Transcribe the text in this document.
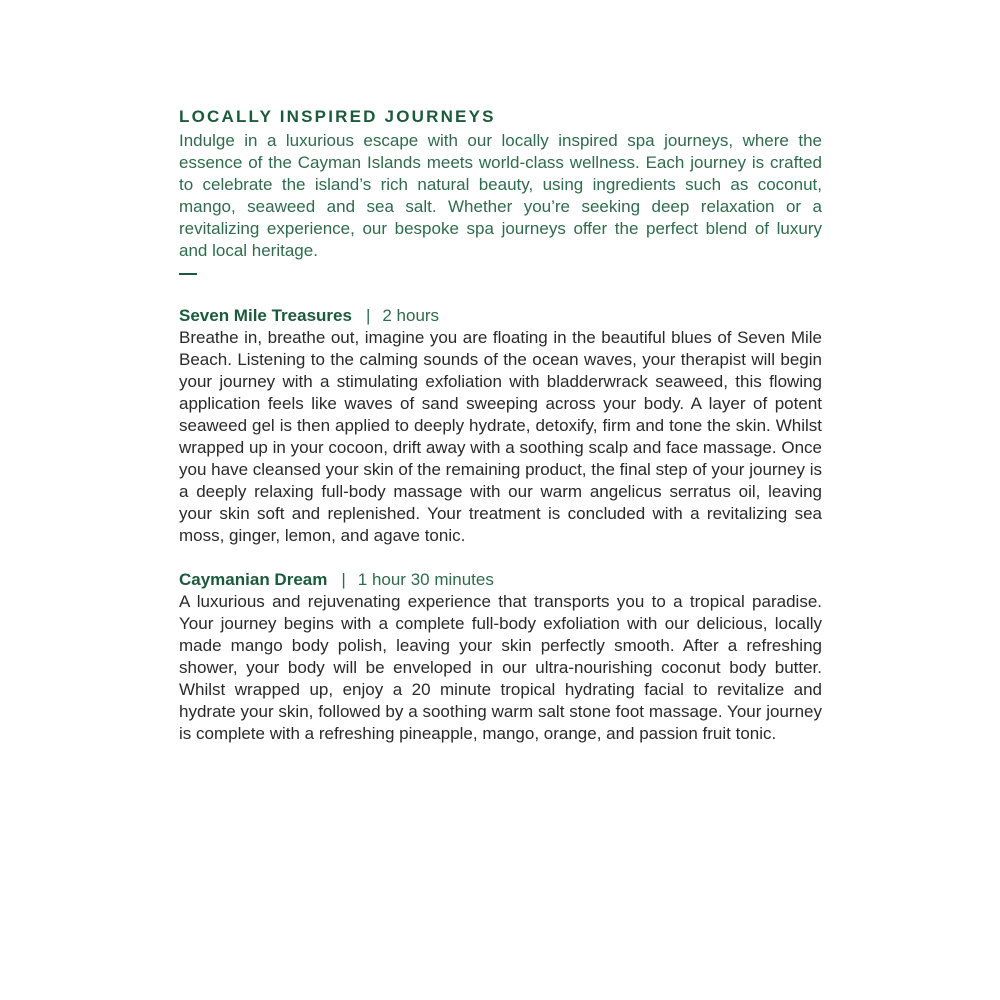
LOCALLY INSPIRED JOURNEYS

Indulge in a luxurious escape with our locally inspired spa journeys, where the essence of the Cayman Islands meets world-class wellness. Each journey is crafted to celebrate the island’s rich natural beauty, using ingredients such as coconut, mango, seaweed and sea salt. Whether you’re seeking deep relaxation or a revitalizing experience, our bespoke spa journeys offer the perfect blend of luxury and local heritage.

Seven Mile Treasures | 2 hours

Breathe in, breathe out, imagine you are floating in the beautiful blues of Seven Mile Beach. Listening to the calming sounds of the ocean waves, your therapist will begin your journey with a stimulating exfoliation with bladderwrack seaweed, this flowing application feels like waves of sand sweeping across your body. A layer of potent seaweed gel is then applied to deeply hydrate, detoxify, firm and tone the skin. Whilst wrapped up in your cocoon, drift away with a soothing scalp and face massage. Once you have cleansed your skin of the remaining product, the final step of your journey is a deeply relaxing full-body massage with our warm angelicus serratus oil, leaving your skin soft and replenished. Your treatment is concluded with a revitalizing sea moss, ginger, lemon, and agave tonic.

Caymanian Dream | 1 hour 30 minutes

A luxurious and rejuvenating experience that transports you to a tropical paradise. Your journey begins with a complete full-body exfoliation with our delicious, locally made mango body polish, leaving your skin perfectly smooth. After a refreshing shower, your body will be enveloped in our ultra-nourishing coconut body butter. Whilst wrapped up, enjoy a 20 minute tropical hydrating facial to revitalize and hydrate your skin, followed by a soothing warm salt stone foot massage. Your journey is complete with a refreshing pineapple, mango, orange, and passion fruit tonic.
